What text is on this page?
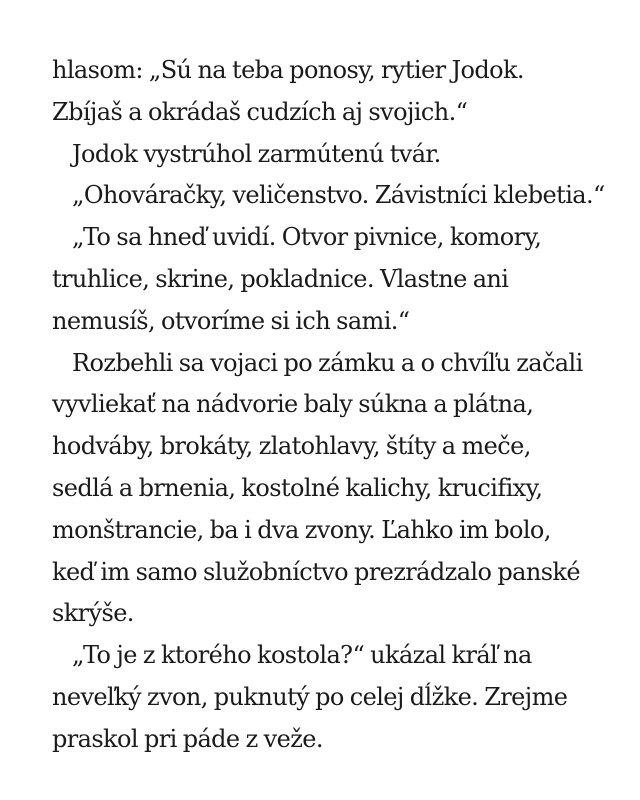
hlasom: „Sú na teba ponosy, rytier Jodok.
Zbíjaš a okrádaš cudzích aj svojich.“
Jodok vystrúhol zarmútenú tvár.
„Ohováračky, veličenstvo. Závistníci klebetia.“
„To sa hneď uvidí. Otvor pivnice, komory,
truhlice, skrine, pokladnice. Vlastne ani
nemusíš, otvoríme si ich sami.“
Rozbehli sa vojaci po zámku a o chvíľu začali
vyvliekať na nádvorie baly súkna a plátna,
hodváby, brokáty, zlatohlavy, štíty a meče,
sedlá a brnenia, kostolné kalichy, krucifixy,
monštrancie, ba i dva zvony. Ľahko im bolo,
keď im samo služobníctvo prezrádzalo panské
skrýše.
„To je z ktorého kostola?“ ukázal kráľ na
neveľký zvon, puknutý po celej dĺžke. Zrejme
praskol pri páde z veže.
